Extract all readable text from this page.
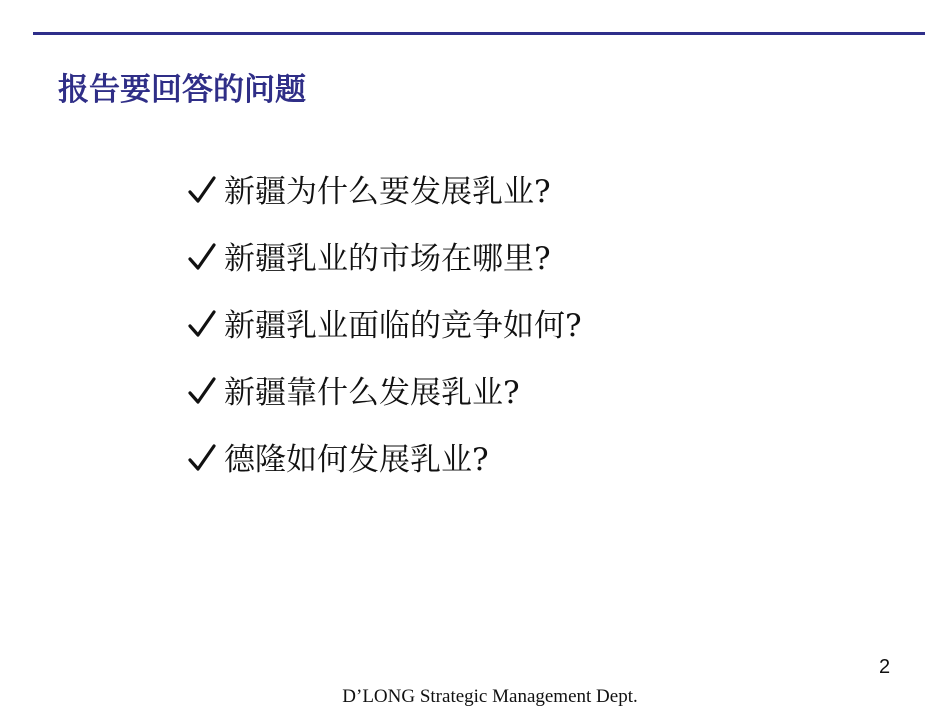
报告要回答的问题
新疆为什么要发展乳业?
新疆乳业的市场在哪里?
新疆乳业面临的竞争如何?
新疆靠什么发展乳业?
德隆如何发展乳业?
2
D’LONG Strategic Management Dept.
